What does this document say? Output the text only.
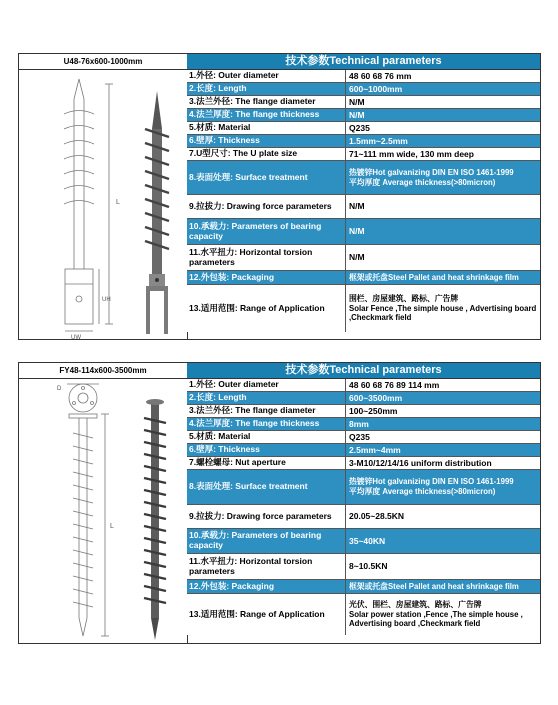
U48-76x600-1000mm
L
UH
UW
技术参数Technical parameters
1.外径: Outer diameter	48 60 68 76 mm
2.长度: Length	600~1000mm
3.法兰外径: The flange diameter	N/M
4.法兰厚度: The flange thickness	N/M
5.材质: Material	Q235
6.壁厚: Thickness	1.5mm~2.5mm
7.U型尺寸: The U plate size	71~111 mm wide, 130 mm deep
8.表面处理: Surface treatment	热镀锌Hot galvanizing DIN EN ISO 1461-1999
平均厚度 Average thickness(>80micron)
9.拉拔力: Drawing force parameters	N/M
10.承载力: Parameters of bearing capacity	N/M
11.水平扭力: Horizontal torsion parameters	N/M
12.外包装: Packaging	框架或托盘Steel Pallet and heat shrinkage film
13.适用范围: Range of Application
围栏、房屋建筑、路标、广告牌
Solar Fence ,The simple house , Advertising board ,Checkmark field
FY48-114x600-3500mm
D
L
技术参数Technical parameters
1.外径: Outer diameter	48 60 68 76 89 114 mm
2.长度: Length	600~3500mm
3.法兰外径: The flange diameter	100~250mm
4.法兰厚度: The flange thickness	8mm
5.材质: Material	Q235
6.壁厚: Thickness	2.5mm~4mm
7.螺栓螺母: Nut aperture	3-M10/12/14/16 uniform distribution
8.表面处理: Surface treatment	热镀锌Hot galvanizing DIN EN ISO 1461-1999
平均厚度 Average thickness(>80micron)
9.拉拔力: Drawing force parameters	20.05~28.5KN
10.承载力: Parameters of bearing capacity	35~40KN
11.水平扭力: Horizontal torsion parameters	8~10.5KN
12.外包装: Packaging	框架或托盘Steel Pallet and heat shrinkage film
13.适用范围: Range of Application
光伏、围栏、房屋建筑、路标、广告牌
Solar power station ,Fence ,The simple house , Advertising board ,Checkmark field
